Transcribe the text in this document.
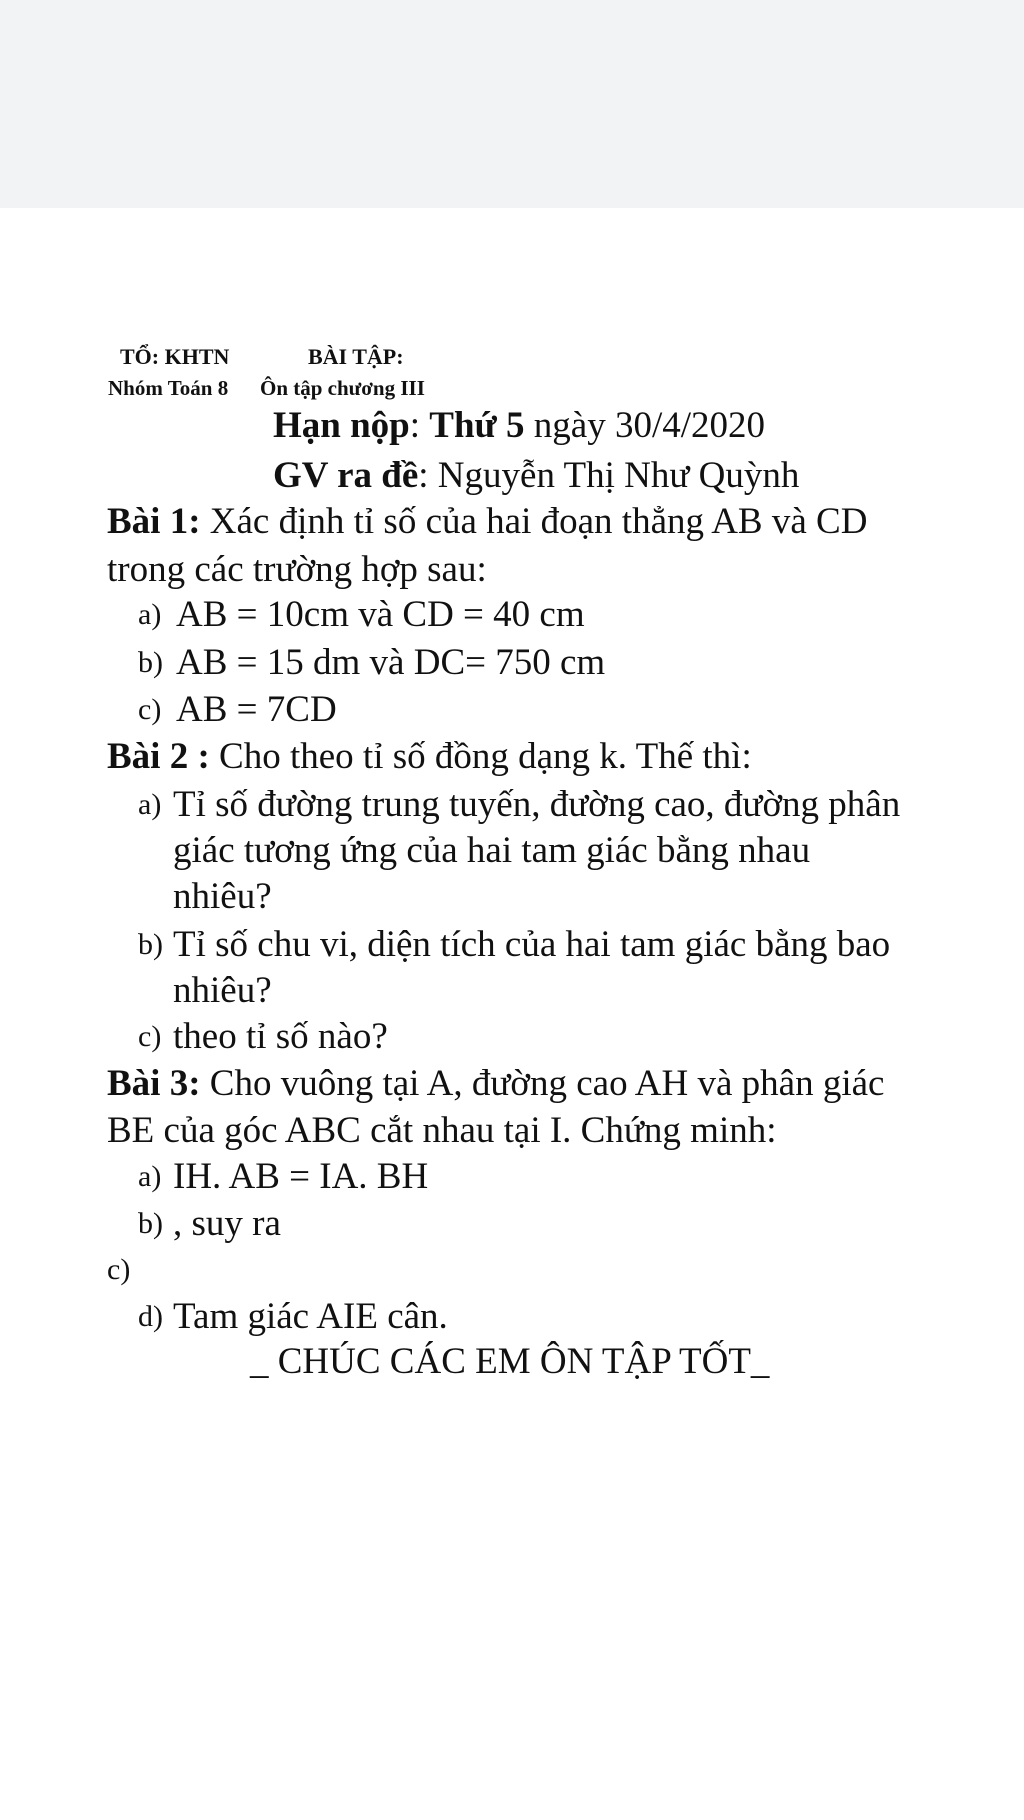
TỔ: KHTN	BÀI TẬP:
Nhóm Toán 8 Ôn tập chương III
Hạn nộp: Thứ 5 ngày 30/4/2020
GV ra đề: Nguyễn Thị Như Quỳnh
Bài 1: Xác định tỉ số của hai đoạn thẳng AB và CD
trong các trường hợp sau:
a) AB = 10cm và CD = 40 cm
b) AB = 15 dm và DC= 750 cm
c) AB = 7CD
Bài 2 : Cho theo tỉ số đồng dạng k. Thế thì:
a) Tỉ số đường trung tuyến, đường cao, đường phân
giác tương ứng của hai tam giác bằng nhau
nhiêu?
b) Tỉ số chu vi, diện tích của hai tam giác bằng bao
nhiêu?
c) theo tỉ số nào?
Bài 3: Cho vuông tại A, đường cao AH và phân giác
BE của góc ABC cắt nhau tại I. Chứng minh:
a) IH. AB = IA. BH
b) , suy ra
c)
d) Tam giác AIE cân.
_ CHÚC CÁC EM ÔN TẬP TỐT_
